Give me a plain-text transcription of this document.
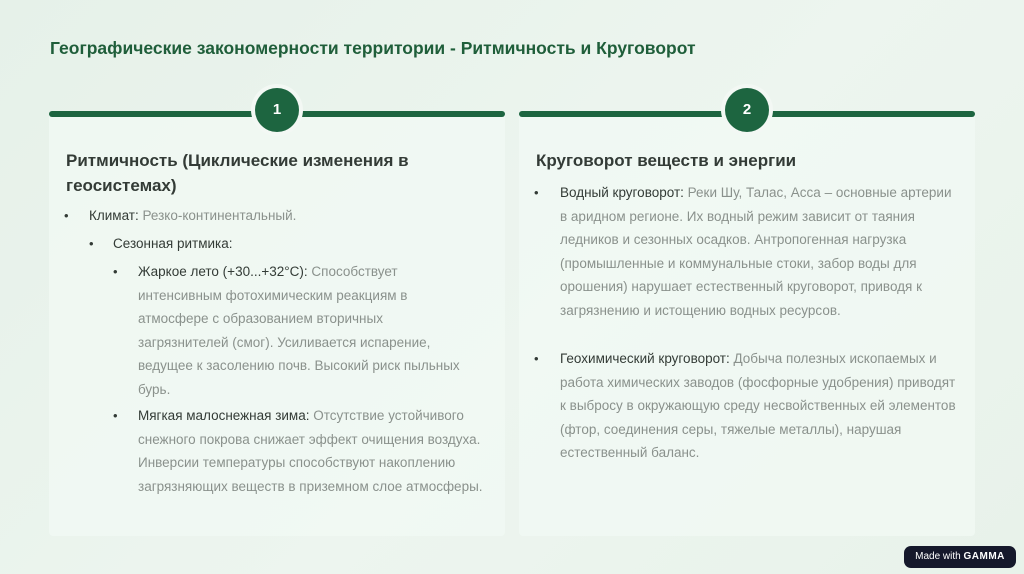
Географические закономерности территории - Ритмичность и Круговорот
1
Ритмичность (Циклические изменения в геосистемах)
• Климат: Резко-континентальный.
• Сезонная ритмика:
• Жаркое лето (+30...+32°C): Способствует интенсивным фотохимическим реакциям в атмосфере с образованием вторичных загрязнителей (смог). Усиливается испарение, ведущее к засолению почв. Высокий риск пыльных бурь.
• Мягкая малоснежная зима: Отсутствие устойчивого снежного покрова снижает эффект очищения воздуха. Инверсии температуры способствуют накоплению загрязняющих веществ в приземном слое атмосферы.
2
Круговорот веществ и энергии
• Водный круговорот: Реки Шу, Талас, Асса – основные артерии в аридном регионе. Их водный режим зависит от таяния ледников и сезонных осадков. Антропогенная нагрузка (промышленные и коммунальные стоки, забор воды для орошения) нарушает естественный круговорот, приводя к загрязнению и истощению водных ресурсов.
• Геохимический круговорот: Добыча полезных ископаемых и работа химических заводов (фосфорные удобрения) приводят к выбросу в окружающую среду несвойственных ей элементов (фтор, соединения серы, тяжелые металлы), нарушая естественный баланс.
Made with GAMMA
